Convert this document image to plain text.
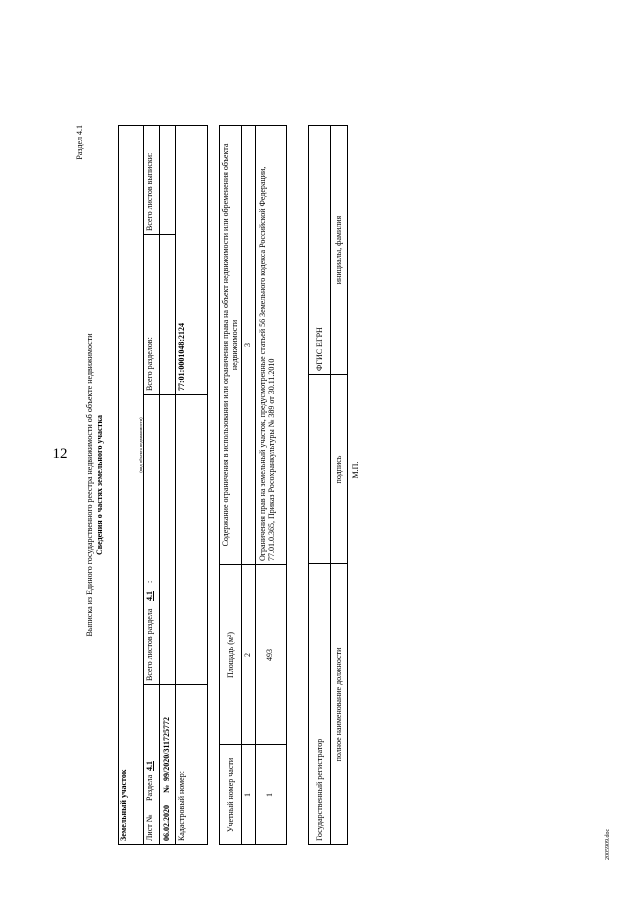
12
2005909.doc
Раздел 4.1
Выписка из Единого государственного реестра недвижимости об объекте недвижимости Сведения о частях земельного участка
Земельный участок
(вид объекта недвижимости)
Лист №
Раздела
4.1
Всего листов раздела
4.1
:
Всего разделов:
Всего листов выписки:
06.02.2020
№
99/2020/311725772
Кадастровый номер:
77:01:0001048:2124
Учетный номер части
Площадь (м²)
Содержание ограничения в использовании или ограничения права на объект недвижимости или обременения объекта недвижимости
1
2
3
1
493
Ограничения прав на земельный участок, предусмотренные статьей 56 Земельного кодекса Российской Федерации, 77.01.0.365, Приказ Росохранкультуры № 389 от 30.11.2010
Государственный регистратор
ФГИС ЕГРН
полное наименование должности
подпись
инициалы, фамилия
М.П.
